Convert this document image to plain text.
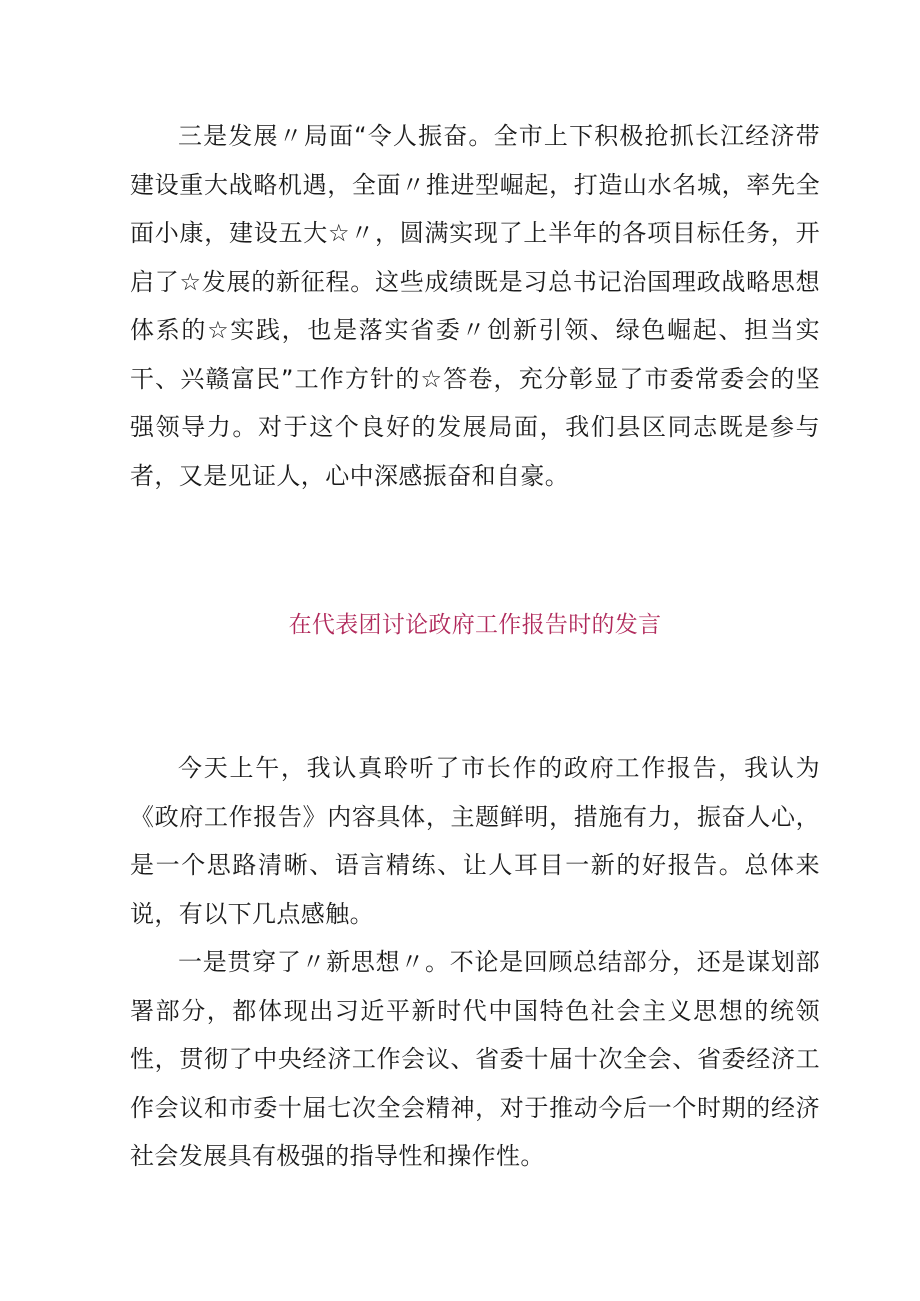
三是发展〃局面“令人振奋。全市上下积极抢抓长江经济带建设重大战略机遇，全面〃推进型崛起，打造山水名城，率先全面小康，建设五大☆〃，圆满实现了上半年的各项目标任务，开启了☆发展的新征程。这些成绩既是习总书记治国理政战略思想体系的☆实践，也是落实省委〃创新引领、绿色崛起、担当实干、兴赣富民”工作方针的☆答卷，充分彰显了市委常委会的坚强领导力。对于这个良好的发展局面，我们县区同志既是参与者，又是见证人，心中深感振奋和自豪。

在代表团讨论政府工作报告时的发言

今天上午，我认真聆听了市长作的政府工作报告，我认为《政府工作报告》内容具体，主题鲜明，措施有力，振奋人心，是一个思路清晰、语言精练、让人耳目一新的好报告。总体来说，有以下几点感触。

一是贯穿了〃新思想〃。不论是回顾总结部分，还是谋划部署部分，都体现出习近平新时代中国特色社会主义思想的统领性，贯彻了中央经济工作会议、省委十届十次全会、省委经济工作会议和市委十届七次全会精神，对于推动今后一个时期的经济社会发展具有极强的指导性和操作性。
